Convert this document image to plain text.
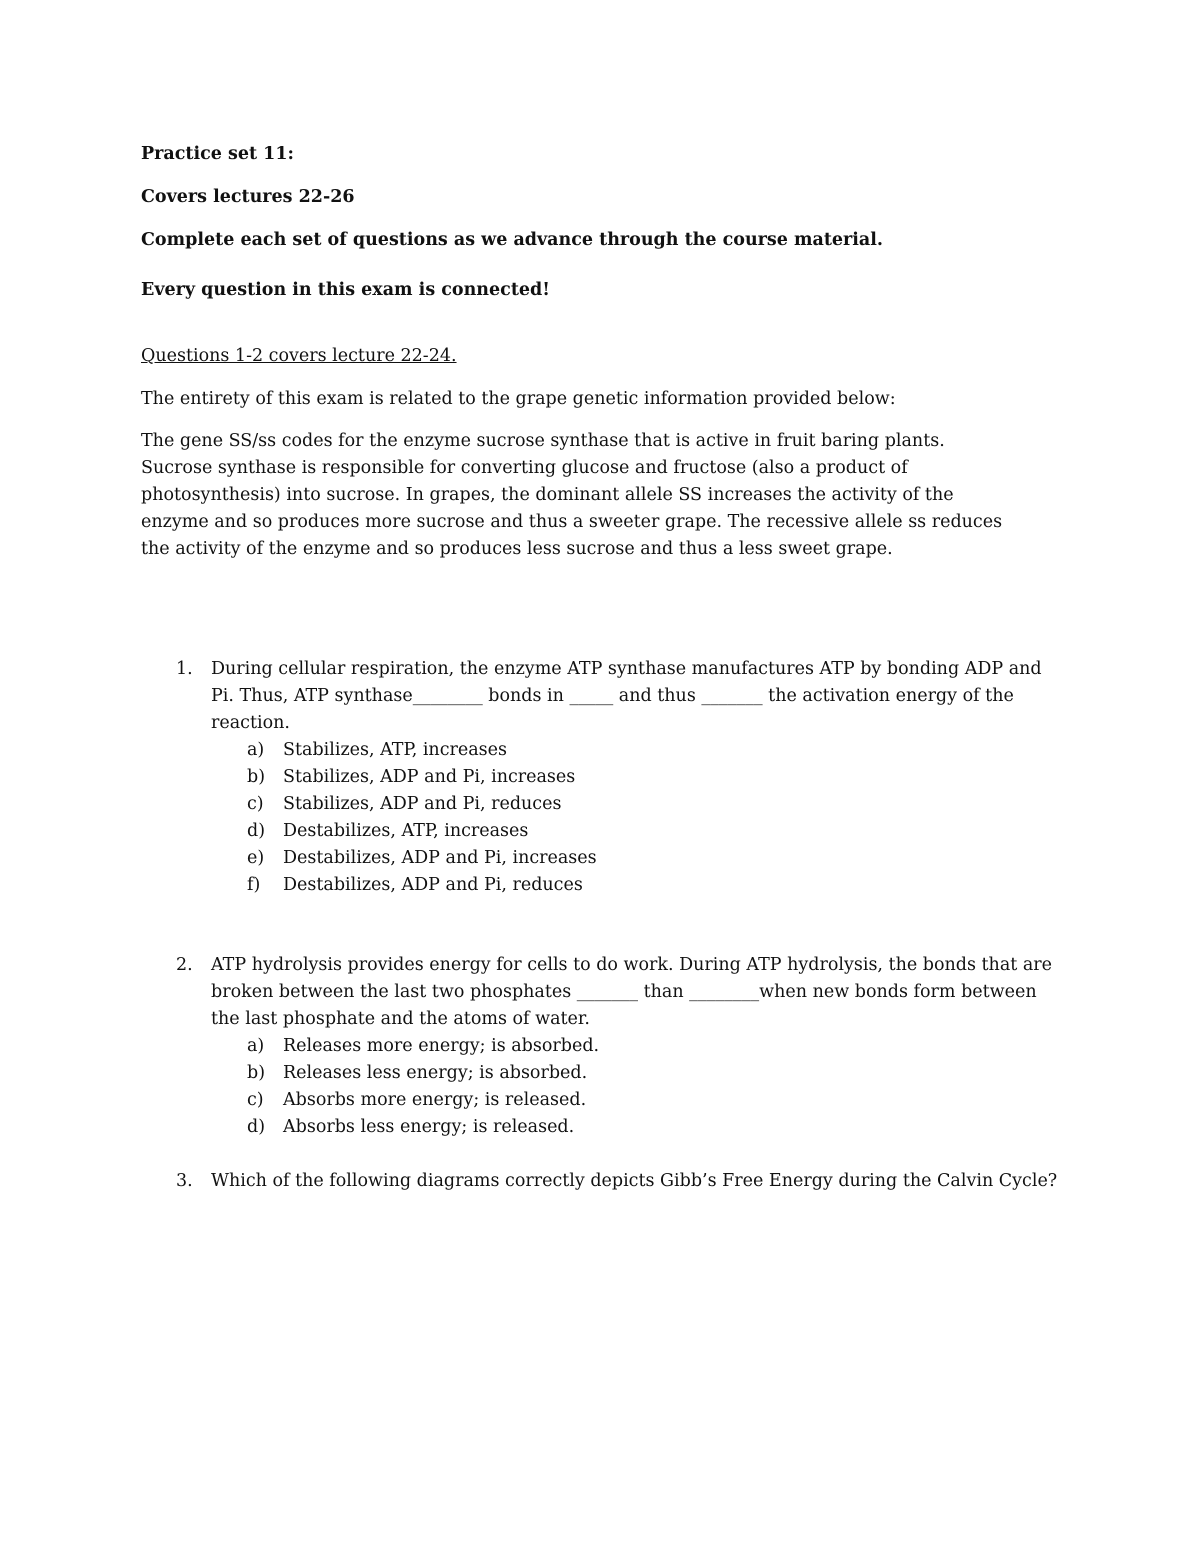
Practice set 11:

Covers lectures 22-26

Complete each set of questions as we advance through the course material.

Every question in this exam is connected!

Questions 1-2 covers lecture 22-24.

The entirety of this exam is related to the grape genetic information provided below:

The gene SS/ss codes for the enzyme sucrose synthase that is active in fruit baring plants. Sucrose synthase is responsible for converting glucose and fructose (also a product of photosynthesis) into sucrose. In grapes, the dominant allele SS increases the activity of the enzyme and so produces more sucrose and thus a sweeter grape. The recessive allele ss reduces the activity of the enzyme and so produces less sucrose and thus a less sweet grape.

1.	During cellular respiration, the enzyme ATP synthase manufactures ATP by bonding ADP and Pi. Thus, ATP synthase________ bonds in _____ and thus _______ the activation energy of the reaction.
a) Stabilizes, ATP, increases
b) Stabilizes, ADP and Pi, increases
c) Stabilizes, ADP and Pi, reduces
d) Destabilizes, ATP, increases
e) Destabilizes, ADP and Pi, increases
f) Destabilizes, ADP and Pi, reduces
2.	ATP hydrolysis provides energy for cells to do work. During ATP hydrolysis, the bonds that are broken between the last two phosphates _______ than ________when new bonds form between the last phosphate and the atoms of water.
a) Releases more energy; is absorbed.
b) Releases less energy; is absorbed.
c) Absorbs more energy; is released.
d) Absorbs less energy; is released.
3.	Which of the following diagrams correctly depicts Gibb’s Free Energy during the Calvin Cycle?
